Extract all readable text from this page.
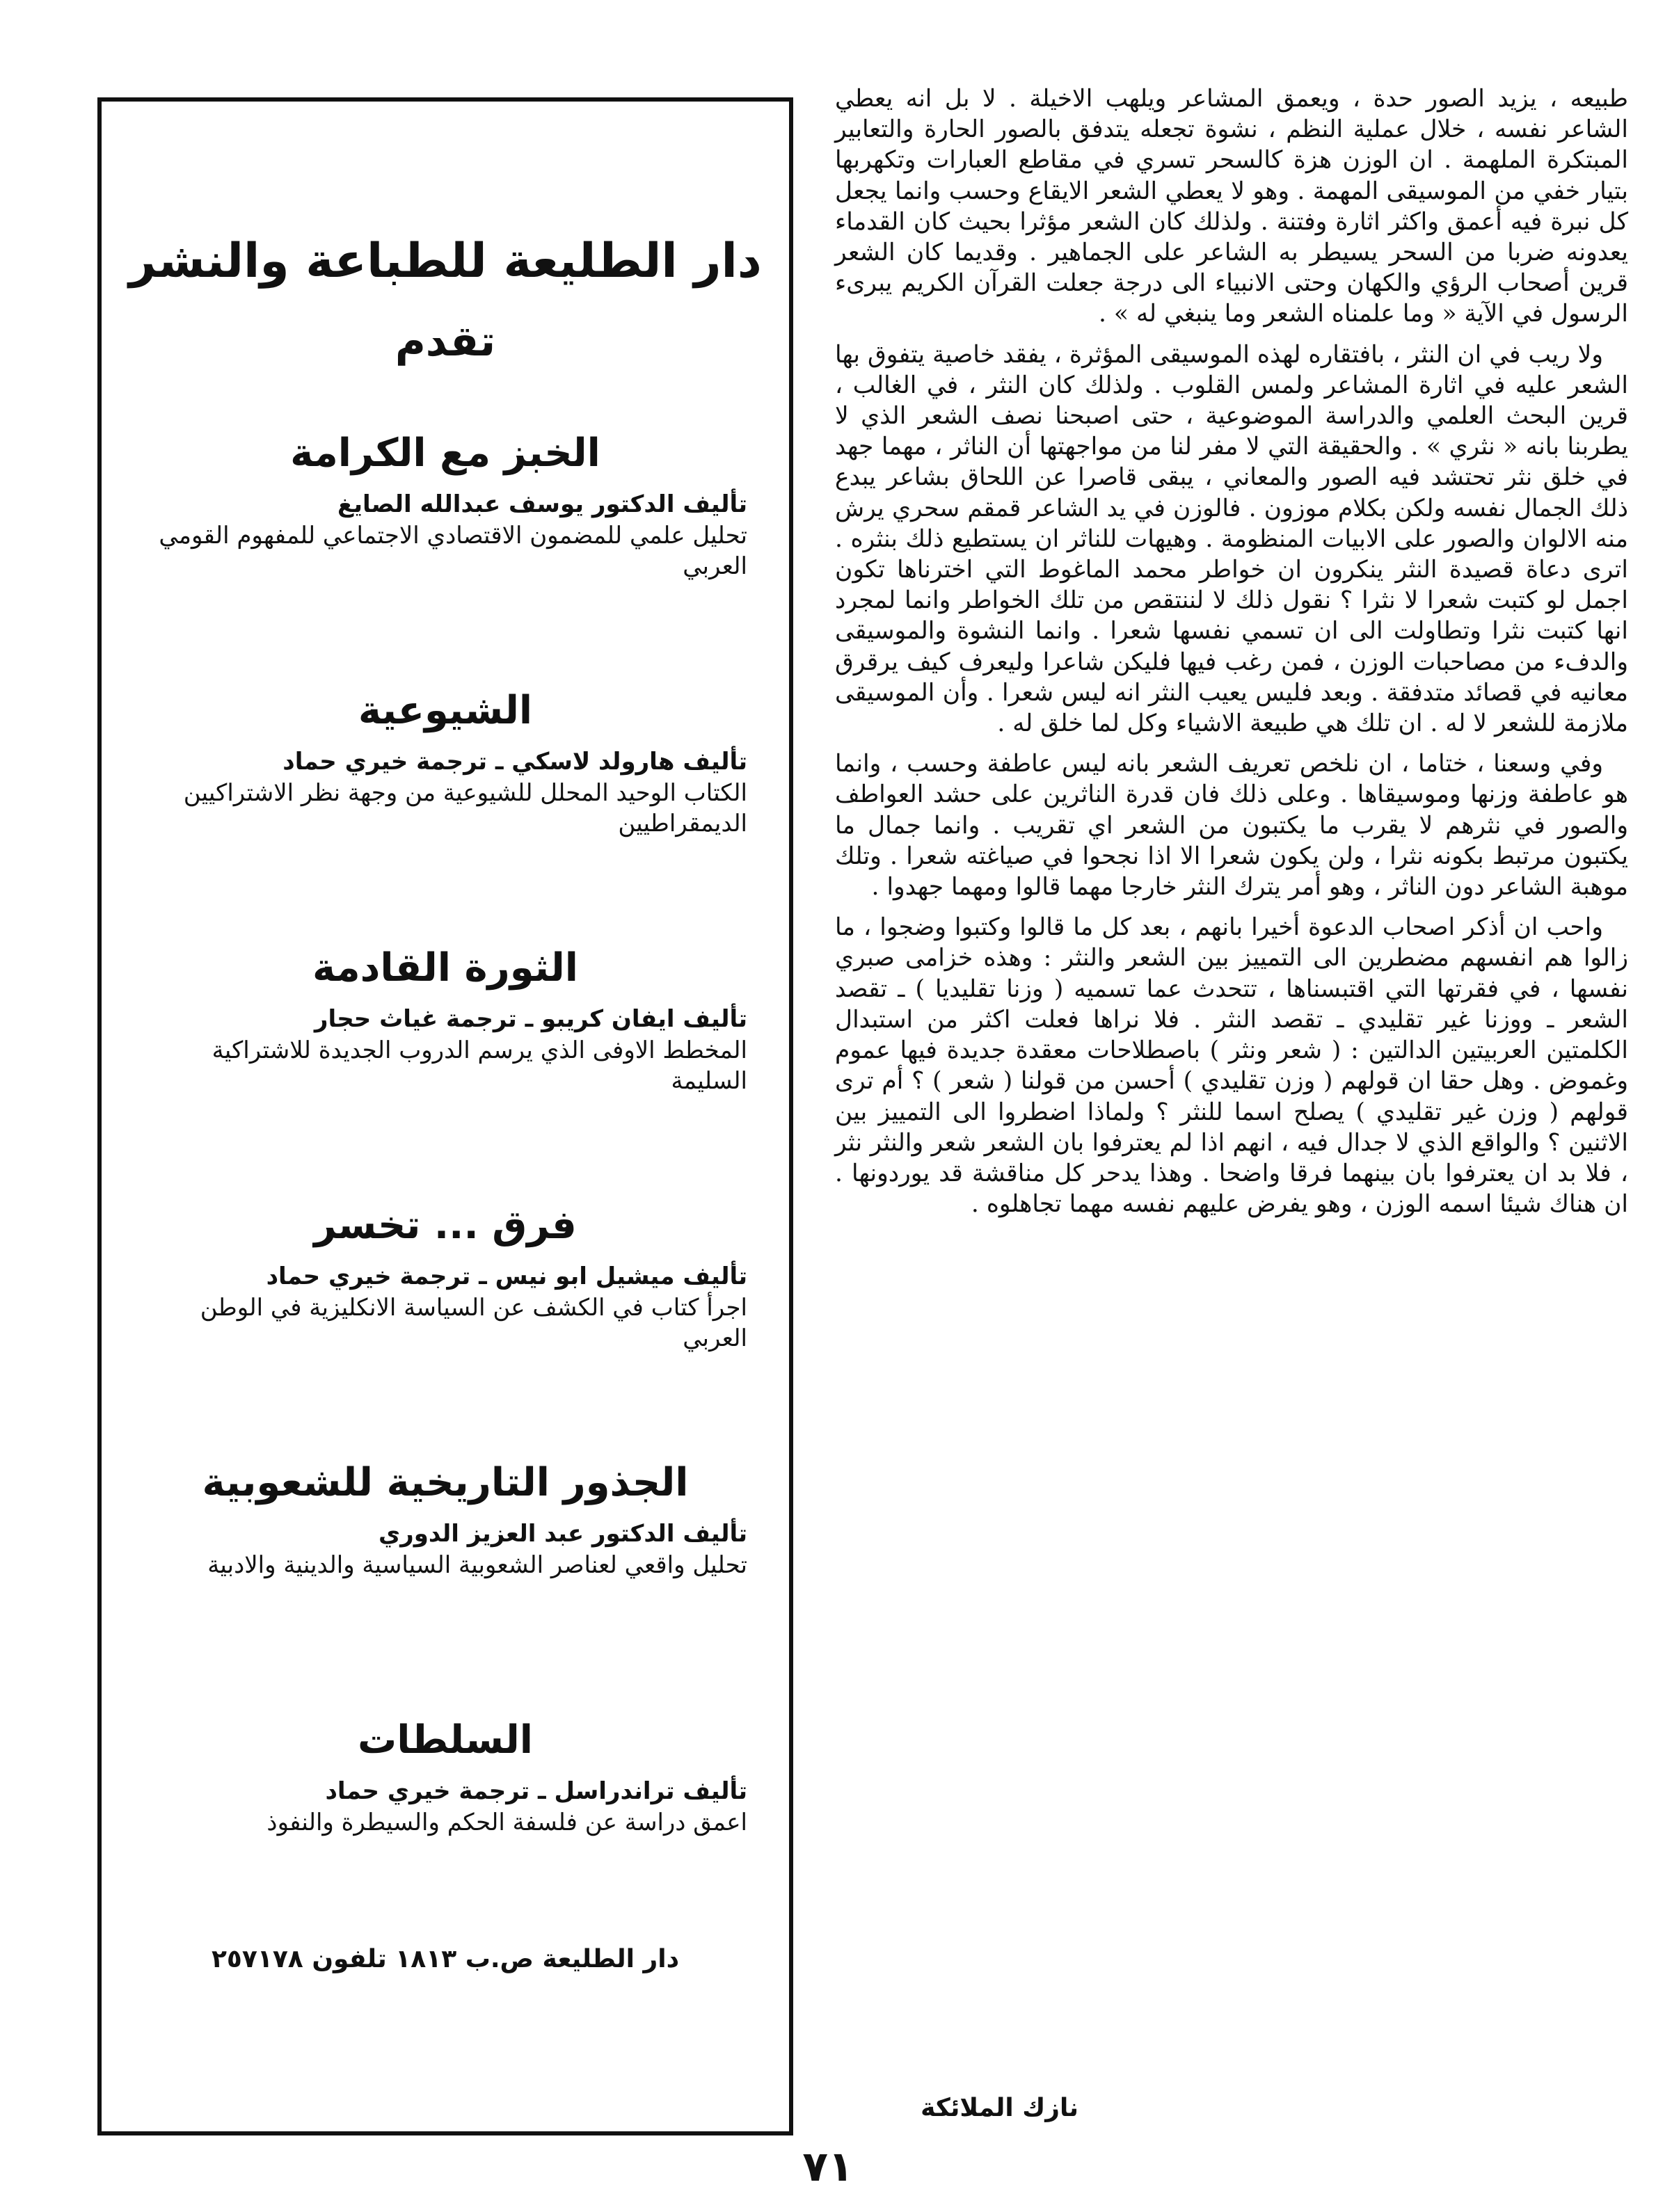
طبيعه ، يزيد الصور حدة ، ويعمق المشاعر ويلهب الاخيلة . لا بل انه يعطي الشاعر نفسه ، خلال عملية النظم ، نشوة تجعله يتدفق بالصور الحارة والتعابير المبتكرة الملهمة . ان الوزن هزة كالسحر تسري في مقاطع العبارات وتكهربها بتيار خفي من الموسيقى المهمة . وهو لا يعطي الشعر الايقاع وحسب وانما يجعل كل نبرة فيه أعمق واكثر اثارة وفتنة . ولذلك كان الشعر مؤثرا بحيث كان القدماء يعدونه ضربا من السحر يسيطر به الشاعر على الجماهير . وقديما كان الشعر قرين أصحاب الرؤي والكهان وحتى الانبياء الى درجة جعلت القرآن الكريم يبرىء الرسول في الآية « وما علمناه الشعر وما ينبغي له » .

ولا ريب في ان النثر ، بافتقاره لهذه الموسيقى المؤثرة ، يفقد خاصية يتفوق بها الشعر عليه في اثارة المشاعر ولمس القلوب . ولذلك كان النثر ، في الغالب ، قرين البحث العلمي والدراسة الموضوعية ، حتى اصبحنا نصف الشعر الذي لا يطربنا بانه « نثري » . والحقيقة التي لا مفر لنا من مواجهتها أن الناثر ، مهما جهد في خلق نثر تحتشد فيه الصور والمعاني ، يبقى قاصرا عن اللحاق بشاعر يبدع ذلك الجمال نفسه ولكن بكلام موزون . فالوزن في يد الشاعر قمقم سحري يرش منه الالوان والصور على الابيات المنظومة . وهيهات للناثر ان يستطيع ذلك بنثره . اترى دعاة قصيدة النثر ينكرون ان خواطر محمد الماغوط التي اخترناها تكون اجمل لو كتبت شعرا لا نثرا ؟ نقول ذلك لا لننتقص من تلك الخواطر وانما لمجرد انها كتبت نثرا وتطاولت الى ان تسمي نفسها شعرا . وانما النشوة والموسيقى والدفء من مصاحبات الوزن ، فمن رغب فيها فليكن شاعرا وليعرف كيف يرقرق معانيه في قصائد متدفقة . وبعد فليس يعيب النثر انه ليس شعرا . وأن الموسيقى ملازمة للشعر لا له . ان تلك هي طبيعة الاشياء وكل لما خلق له .

وفي وسعنا ، ختاما ، ان نلخص تعريف الشعر بانه ليس عاطفة وحسب ، وانما هو عاطفة وزنها وموسيقاها . وعلى ذلك فان قدرة الناثرين على حشد العواطف والصور في نثرهم لا يقرب ما يكتبون من الشعر اي تقريب . وانما جمال ما يكتبون مرتبط بكونه نثرا ، ولن يكون شعرا الا اذا نجحوا في صياغته شعرا . وتلك موهبة الشاعر دون الناثر ، وهو أمر يترك النثر خارجا مهما قالوا ومهما جهدوا .

واحب ان أذكر اصحاب الدعوة أخيرا بانهم ، بعد كل ما قالوا وكتبوا وضجوا ، ما زالوا هم انفسهم مضطرين الى التمييز بين الشعر والنثر : وهذه خزامى صبري نفسها ، في فقرتها التي اقتبسناها ، تتحدث عما تسميه ( وزنا تقليديا ) ـ تقصد الشعر ـ ووزنا غير تقليدي ـ تقصد النثر . فلا نراها فعلت اكثر من استبدال الكلمتين العربيتين الدالتين : ( شعر ونثر ) باصطلاحات معقدة جديدة فيها عموم وغموض . وهل حقا ان قولهم ( وزن تقليدي ) أحسن من قولنا ( شعر ) ؟ أم ترى قولهم ( وزن غير تقليدي ) يصلح اسما للنثر ؟ ولماذا اضطروا الى التمييز بين الاثنين ؟ والواقع الذي لا جدال فيه ، انهم اذا لم يعترفوا بان الشعر شعر والنثر نثر ، فلا بد ان يعترفوا بان بينهما فرقا واضحا . وهذا يدحر كل مناقشة قد يوردونها . ان هناك شيئا اسمه الوزن ، وهو يفرض عليهم نفسه مهما تجاهلوه .

نازك الملائكة
دار الطليعة للطباعة والنشر
تقدم
الخبز مع الكرامة
تأليف الدكتور يوسف عبدالله الصايغ
تحليل علمي للمضمون الاقتصادي الاجتماعي للمفهوم القومي العربي
الشيوعية
تأليف هارولد لاسكي ـ ترجمة خيري حماد
الكتاب الوحيد المحلل للشيوعية من وجهة نظر الاشتراكيين الديمقراطيين
الثورة القادمة
تأليف ايفان كريبو ـ ترجمة غياث حجار
المخطط الاوفى الذي يرسم الدروب الجديدة للاشتراكية السليمة
فرق ... تخسر
تأليف ميشيل ابو نيس ـ ترجمة خيري حماد
اجرأ كتاب في الكشف عن السياسة الانكليزية في الوطن العربي
الجذور التاريخية للشعوبية
تأليف الدكتور عبد العزيز الدوري
تحليل واقعي لعناصر الشعوبية السياسية والدينية والادبية
السلطات
تأليف تراندراسل ـ ترجمة خيري حماد
اعمق دراسة عن فلسفة الحكم والسيطرة والنفوذ
دار الطليعة ص.ب ١٨١٣ تلفون ٢٥٧١٧٨
٧١
